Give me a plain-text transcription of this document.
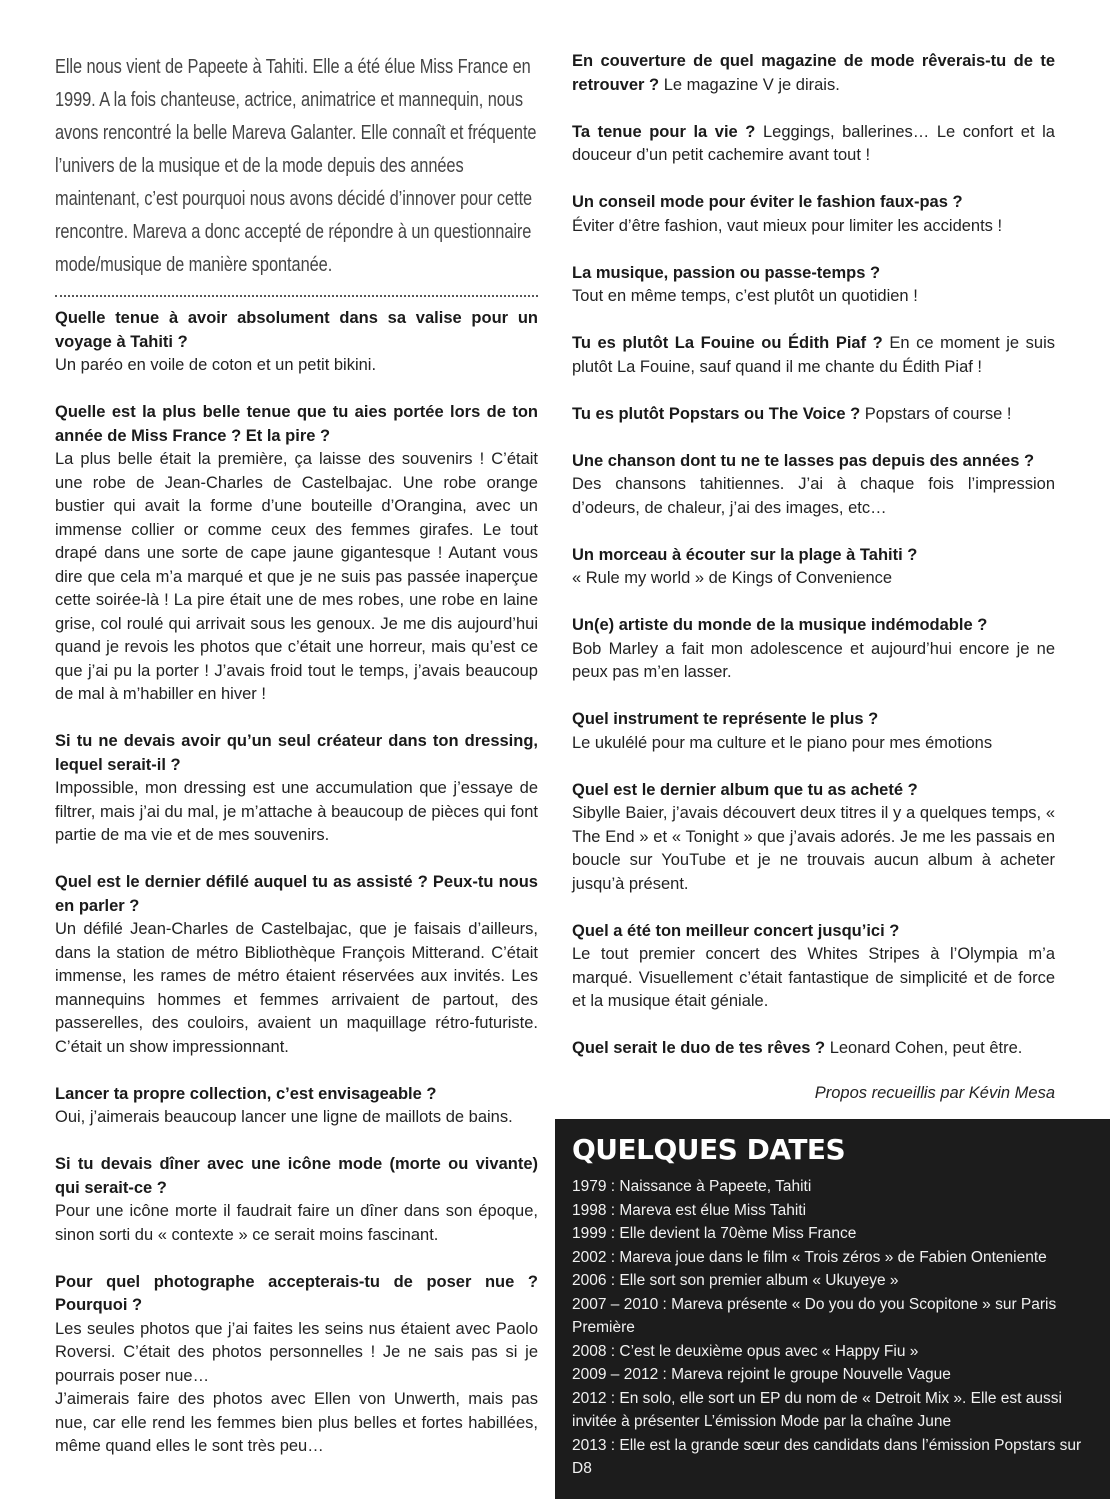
Elle nous vient de Papeete à Tahiti. Elle a été élue Miss France en 1999. A la fois chanteuse, actrice, animatrice et mannequin, nous avons rencontré la belle Mareva Galanter. Elle connaît et fréquente l’univers de la musique et de la mode depuis des années maintenant, c’est pourquoi nous avons décidé d’innover pour cette rencontre. Mareva a donc accepté de répondre à un questionnaire mode/musique de manière spontanée.
Quelle tenue à avoir absolument dans sa valise pour un voyage à Tahiti ?
Un paréo en voile de coton et un petit bikini.
Quelle est la plus belle tenue que tu aies portée lors de ton année de Miss France ? Et la pire ?
La plus belle était la première, ça laisse des souvenirs ! C’était une robe de Jean-Charles de Castelbajac. Une robe orange bustier qui avait la forme d’une bouteille d’Orangina, avec un immense collier or comme ceux des femmes girafes. Le tout drapé dans une sorte de cape jaune gigantesque ! Autant vous dire que cela m’a marqué et que je ne suis pas passée inaperçue cette soirée-là ! La pire était une de mes robes, une robe en laine grise, col roulé qui arrivait sous les genoux. Je me dis aujourd’hui quand je revois les photos que c’était une horreur, mais qu’est ce que j’ai pu la porter ! J’avais froid tout le temps, j’avais beaucoup de mal à m’habiller en hiver !
Si tu ne devais avoir qu’un seul créateur dans ton dressing, lequel serait-il ?
Impossible, mon dressing est une accumulation que j’essaye de filtrer, mais j’ai du mal, je m’attache à beaucoup de pièces qui font partie de ma vie et de mes souvenirs.
Quel est le dernier défilé auquel tu as assisté ? Peux-tu nous en parler ?
Un défilé Jean-Charles de Castelbajac, que je faisais d’ailleurs, dans la station de métro Bibliothèque François Mitterand. C’était immense, les rames de métro étaient réservées aux invités. Les mannequins hommes et femmes arrivaient de partout, des passerelles, des couloirs, avaient un maquillage rétro-futuriste. C’était un show impressionnant.
Lancer ta propre collection, c’est envisageable ?
Oui, j’aimerais beaucoup lancer une ligne de maillots de bains.
Si tu devais dîner avec une icône mode (morte ou vivante) qui serait-ce ?
Pour une icône morte il faudrait faire un dîner dans son époque, sinon sorti du « contexte » ce serait moins fascinant.
Pour quel photographe accepterais-tu de poser nue ? Pourquoi ?
Les seules photos que j’ai faites les seins nus étaient avec Paolo Roversi. C’était des photos personnelles ! Je ne sais pas si je pourrais poser nue…
J’aimerais faire des photos avec Ellen von Unwerth, mais pas nue, car elle rend les femmes bien plus belles et fortes habillées, même quand elles le sont très peu…
En couverture de quel magazine de mode rêverais-tu de te retrouver ? Le magazine V je dirais.
Ta tenue pour la vie ? Leggings, ballerines… Le confort et la douceur d’un petit cachemire avant tout !
Un conseil mode pour éviter le fashion faux-pas ?
Éviter d’être fashion, vaut mieux pour limiter les accidents !
La musique, passion ou passe-temps ?
Tout en même temps, c’est plutôt un quotidien !
Tu es plutôt La Fouine ou Édith Piaf ? En ce moment je suis plutôt La Fouine, sauf quand il me chante du Édith Piaf !
Tu es plutôt Popstars ou The Voice ? Popstars of course !
Une chanson dont tu ne te lasses pas depuis des années ?
Des chansons tahitiennes. J’ai à chaque fois l’impression d’odeurs, de chaleur, j’ai des images, etc…
Un morceau à écouter sur la plage à Tahiti ?
« Rule my world » de Kings of Convenience
Un(e) artiste du monde de la musique indémodable ?
Bob Marley a fait mon adolescence et aujourd’hui encore je ne peux pas m’en lasser.
Quel instrument te représente le plus ?
Le ukulélé pour ma culture et le piano pour mes émotions
Quel est le dernier album que tu as acheté ?
Sibylle Baier, j’avais découvert deux titres il y a quelques temps, « The End » et « Tonight » que j’avais adorés. Je me les passais en boucle sur YouTube et je ne trouvais aucun album à acheter jusqu’à présent.
Quel a été ton meilleur concert jusqu’ici ?
Le tout premier concert des Whites Stripes à l’Olympia m’a marqué. Visuellement c’était fantastique de simplicité et de force et la musique était géniale.
Quel serait le duo de tes rêves ? Leonard Cohen, peut être.
Propos recueillis par Kévin Mesa
QUELQUES DATES
1979 : Naissance à Papeete, Tahiti
1998 : Mareva est élue Miss Tahiti
1999 : Elle devient la 70ème Miss France
2002 : Mareva joue dans le film « Trois zéros » de Fabien Onteniente
2006 : Elle sort son premier album « Ukuyeye »
2007 – 2010 : Mareva présente « Do you do you Scopitone » sur Paris Première
2008 : C’est le deuxième opus avec « Happy Fiu »
2009 – 2012 : Mareva rejoint le groupe Nouvelle Vague
2012 : En solo, elle sort un EP du nom de « Detroit Mix ». Elle est aussi invitée à présenter L’émission Mode par la chaîne June
2013 : Elle est la grande sœur des candidats dans l’émission Popstars sur D8
